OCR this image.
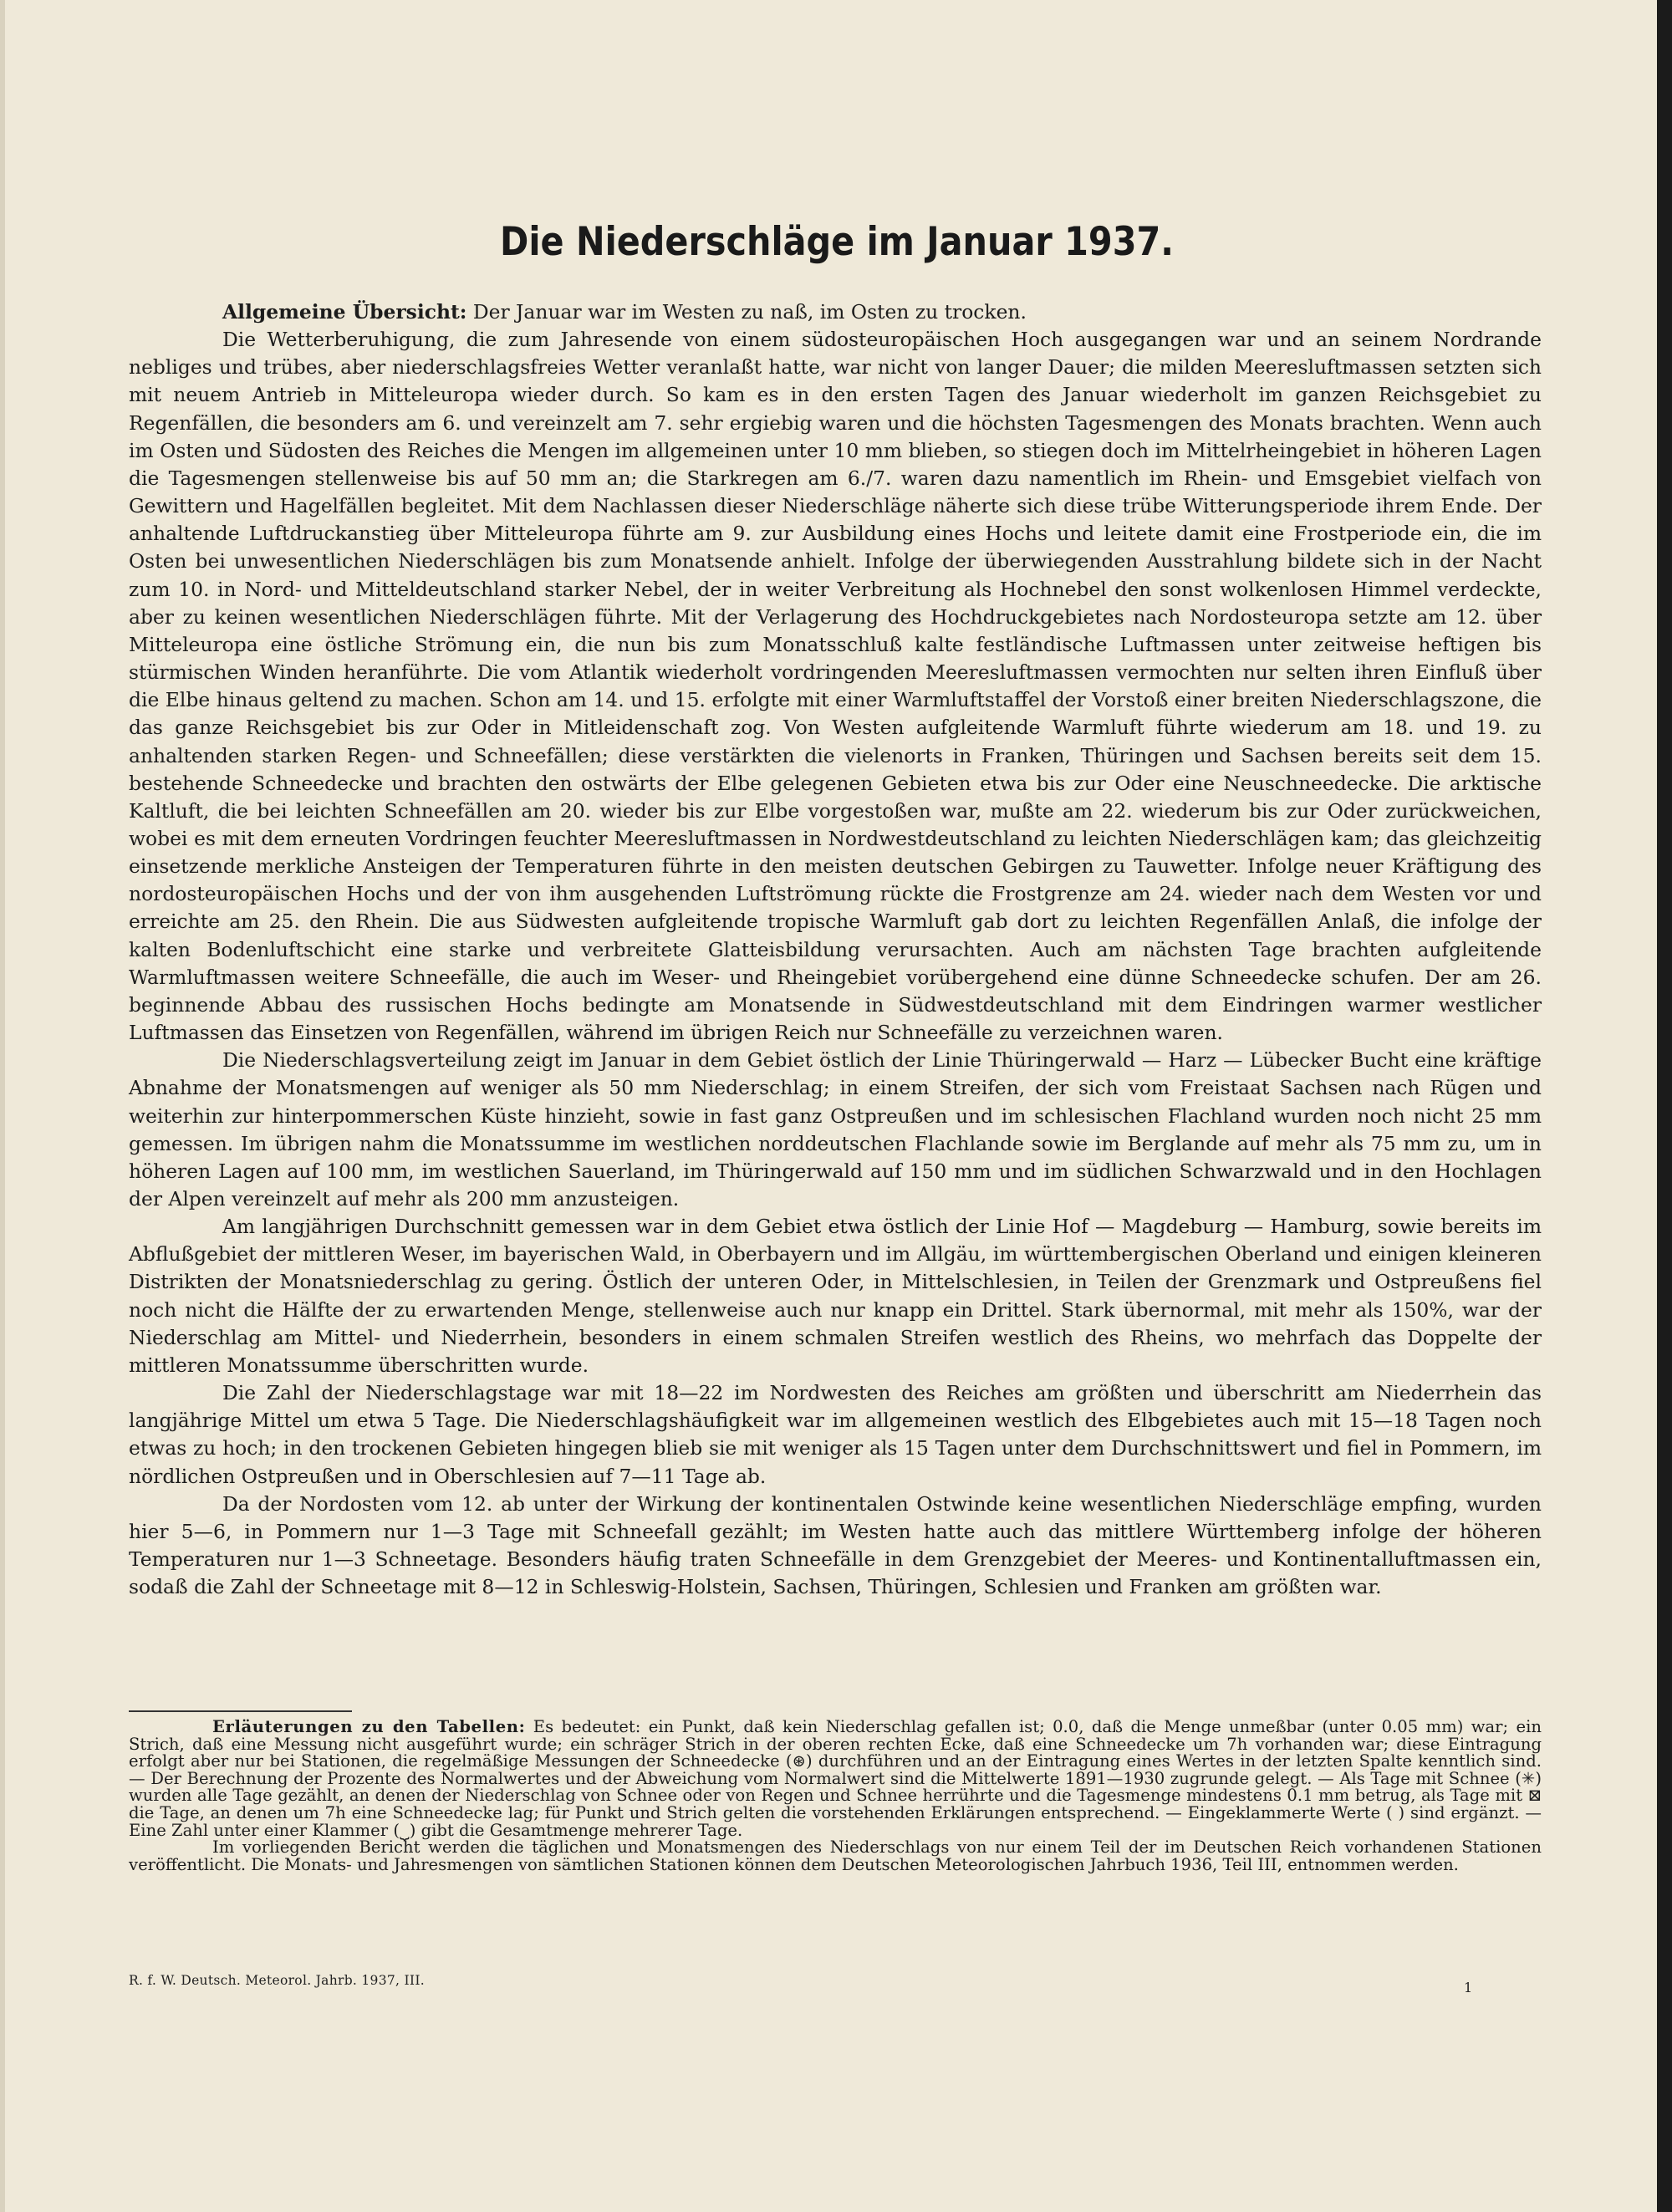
Die Niederschläge im Januar 1937.

Allgemeine Übersicht: Der Januar war im Westen zu naß, im Osten zu trocken.

Die Wetterberuhigung, die zum Jahresende von einem südosteuropäischen Hoch ausgegangen war und an seinem Nordrande nebliges und trübes, aber niederschlagsfreies Wetter veranlaßt hatte, war nicht von langer Dauer; die milden Meeresluftmassen setzten sich mit neuem Antrieb in Mitteleuropa wieder durch. So kam es in den ersten Tagen des Januar wiederholt im ganzen Reichsgebiet zu Regenfällen, die besonders am 6. und vereinzelt am 7. sehr ergiebig waren und die höchsten Tagesmengen des Monats brachten. Wenn auch im Osten und Südosten des Reiches die Mengen im allgemeinen unter 10 mm blieben, so stiegen doch im Mittelrheingebiet in höheren Lagen die Tagesmengen stellenweise bis auf 50 mm an; die Starkregen am 6./7. waren dazu namentlich im Rhein- und Emsgebiet vielfach von Gewittern und Hagelfällen begleitet. Mit dem Nachlassen dieser Niederschläge näherte sich diese trübe Witterungsperiode ihrem Ende. Der anhaltende Luftdruckanstieg über Mitteleuropa führte am 9. zur Ausbildung eines Hochs und leitete damit eine Frostperiode ein, die im Osten bei unwesentlichen Niederschlägen bis zum Monatsende anhielt. Infolge der überwiegenden Ausstrahlung bildete sich in der Nacht zum 10. in Nord- und Mitteldeutschland starker Nebel, der in weiter Verbreitung als Hochnebel den sonst wolkenlosen Himmel verdeckte, aber zu keinen wesentlichen Niederschlägen führte. Mit der Verlagerung des Hochdruckgebietes nach Nordosteuropa setzte am 12. über Mitteleuropa eine östliche Strömung ein, die nun bis zum Monatsschluß kalte festländische Luftmassen unter zeitweise heftigen bis stürmischen Winden heranführte. Die vom Atlantik wiederholt vordringenden Meeresluftmassen vermochten nur selten ihren Einfluß über die Elbe hinaus geltend zu machen. Schon am 14. und 15. erfolgte mit einer Warmluftstaffel der Vorstoß einer breiten Niederschlagszone, die das ganze Reichsgebiet bis zur Oder in Mitleidenschaft zog. Von Westen aufgleitende Warmluft führte wiederum am 18. und 19. zu anhaltenden starken Regen- und Schneefällen; diese verstärkten die vielenorts in Franken, Thüringen und Sachsen bereits seit dem 15. bestehende Schneedecke und brachten den ostwärts der Elbe gelegenen Gebieten etwa bis zur Oder eine Neuschneedecke. Die arktische Kaltluft, die bei leichten Schneefällen am 20. wieder bis zur Elbe vorgestoßen war, mußte am 22. wiederum bis zur Oder zurückweichen, wobei es mit dem erneuten Vordringen feuchter Meeresluftmassen in Nordwestdeutschland zu leichten Niederschlägen kam; das gleichzeitig einsetzende merkliche Ansteigen der Temperaturen führte in den meisten deutschen Gebirgen zu Tauwetter. Infolge neuer Kräftigung des nordosteuropäischen Hochs und der von ihm ausgehenden Luftströmung rückte die Frostgrenze am 24. wieder nach dem Westen vor und erreichte am 25. den Rhein. Die aus Südwesten aufgleitende tropische Warmluft gab dort zu leichten Regenfällen Anlaß, die infolge der kalten Bodenluftschicht eine starke und verbreitete Glatteisbildung verursachten. Auch am nächsten Tage brachten aufgleitende Warmluftmassen weitere Schneefälle, die auch im Weser- und Rheingebiet vorübergehend eine dünne Schneedecke schufen. Der am 26. beginnende Abbau des russischen Hochs bedingte am Monatsende in Südwestdeutschland mit dem Eindringen warmer westlicher Luftmassen das Einsetzen von Regenfällen, während im übrigen Reich nur Schneefälle zu verzeichnen waren.

Die Niederschlagsverteilung zeigt im Januar in dem Gebiet östlich der Linie Thüringerwald — Harz — Lübecker Bucht eine kräftige Abnahme der Monatsmengen auf weniger als 50 mm Niederschlag; in einem Streifen, der sich vom Freistaat Sachsen nach Rügen und weiterhin zur hinterpommerschen Küste hinzieht, sowie in fast ganz Ostpreußen und im schlesischen Flachland wurden noch nicht 25 mm gemessen. Im übrigen nahm die Monatssumme im westlichen norddeutschen Flachlande sowie im Berglande auf mehr als 75 mm zu, um in höheren Lagen auf 100 mm, im westlichen Sauerland, im Thüringerwald auf 150 mm und im südlichen Schwarzwald und in den Hochlagen der Alpen vereinzelt auf mehr als 200 mm anzusteigen.

Am langjährigen Durchschnitt gemessen war in dem Gebiet etwa östlich der Linie Hof — Magdeburg — Hamburg, sowie bereits im Abflußgebiet der mittleren Weser, im bayerischen Wald, in Oberbayern und im Allgäu, im württembergischen Oberland und einigen kleineren Distrikten der Monatsniederschlag zu gering. Östlich der unteren Oder, in Mittelschlesien, in Teilen der Grenzmark und Ostpreußens fiel noch nicht die Hälfte der zu erwartenden Menge, stellenweise auch nur knapp ein Drittel. Stark übernormal, mit mehr als 150%, war der Niederschlag am Mittel- und Niederrhein, besonders in einem schmalen Streifen westlich des Rheins, wo mehrfach das Doppelte der mittleren Monatssumme überschritten wurde.

Die Zahl der Niederschlagstage war mit 18—22 im Nordwesten des Reiches am größten und überschritt am Niederrhein das langjährige Mittel um etwa 5 Tage. Die Niederschlagshäufigkeit war im allgemeinen westlich des Elbgebietes auch mit 15—18 Tagen noch etwas zu hoch; in den trockenen Gebieten hingegen blieb sie mit weniger als 15 Tagen unter dem Durchschnittswert und fiel in Pommern, im nördlichen Ostpreußen und in Oberschlesien auf 7—11 Tage ab.

Da der Nordosten vom 12. ab unter der Wirkung der kontinentalen Ostwinde keine wesentlichen Niederschläge empfing, wurden hier 5—6, in Pommern nur 1—3 Tage mit Schneefall gezählt; im Westen hatte auch das mittlere Württemberg infolge der höheren Temperaturen nur 1—3 Schneetage. Besonders häufig traten Schneefälle in dem Grenzgebiet der Meeres- und Kontinentalluftmassen ein, sodaß die Zahl der Schneetage mit 8—12 in Schleswig-Holstein, Sachsen, Thüringen, Schlesien und Franken am größten war.

Erläuterungen zu den Tabellen: Es bedeutet: ein Punkt, daß kein Niederschlag gefallen ist; 0.0, daß die Menge unmeßbar (unter 0.05 mm) war; ein Strich, daß eine Messung nicht ausgeführt wurde; ein schräger Strich in der oberen rechten Ecke, daß eine Schneedecke um 7h vorhanden war; diese Eintragung erfolgt aber nur bei Stationen, die regelmäßige Messungen der Schneedecke (⊛) durchführen und an der Eintragung eines Wertes in der letzten Spalte kenntlich sind. — Der Berechnung der Prozente des Normalwertes und der Abweichung vom Normalwert sind die Mittelwerte 1891—1930 zugrunde gelegt. — Als Tage mit Schnee (✳) wurden alle Tage gezählt, an denen der Niederschlag von Schnee oder von Regen und Schnee herrührte und die Tagesmenge mindestens 0.1 mm betrug, als Tage mit ⊠ die Tage, an denen um 7h eine Schneedecke lag; für Punkt und Strich gelten die vorstehenden Erklärungen entsprechend. — Eingeklammerte Werte ( ) sind ergänzt. — Eine Zahl unter einer Klammer (⏟) gibt die Gesamtmenge mehrerer Tage.

Im vorliegenden Bericht werden die täglichen und Monatsmengen des Niederschlags von nur einem Teil der im Deutschen Reich vorhandenen Stationen veröffentlicht. Die Monats- und Jahresmengen von sämtlichen Stationen können dem Deutschen Meteorologischen Jahrbuch 1936, Teil III, entnommen werden.

R. f. W. Deutsch. Meteorol. Jahrb. 1937, III.	1
